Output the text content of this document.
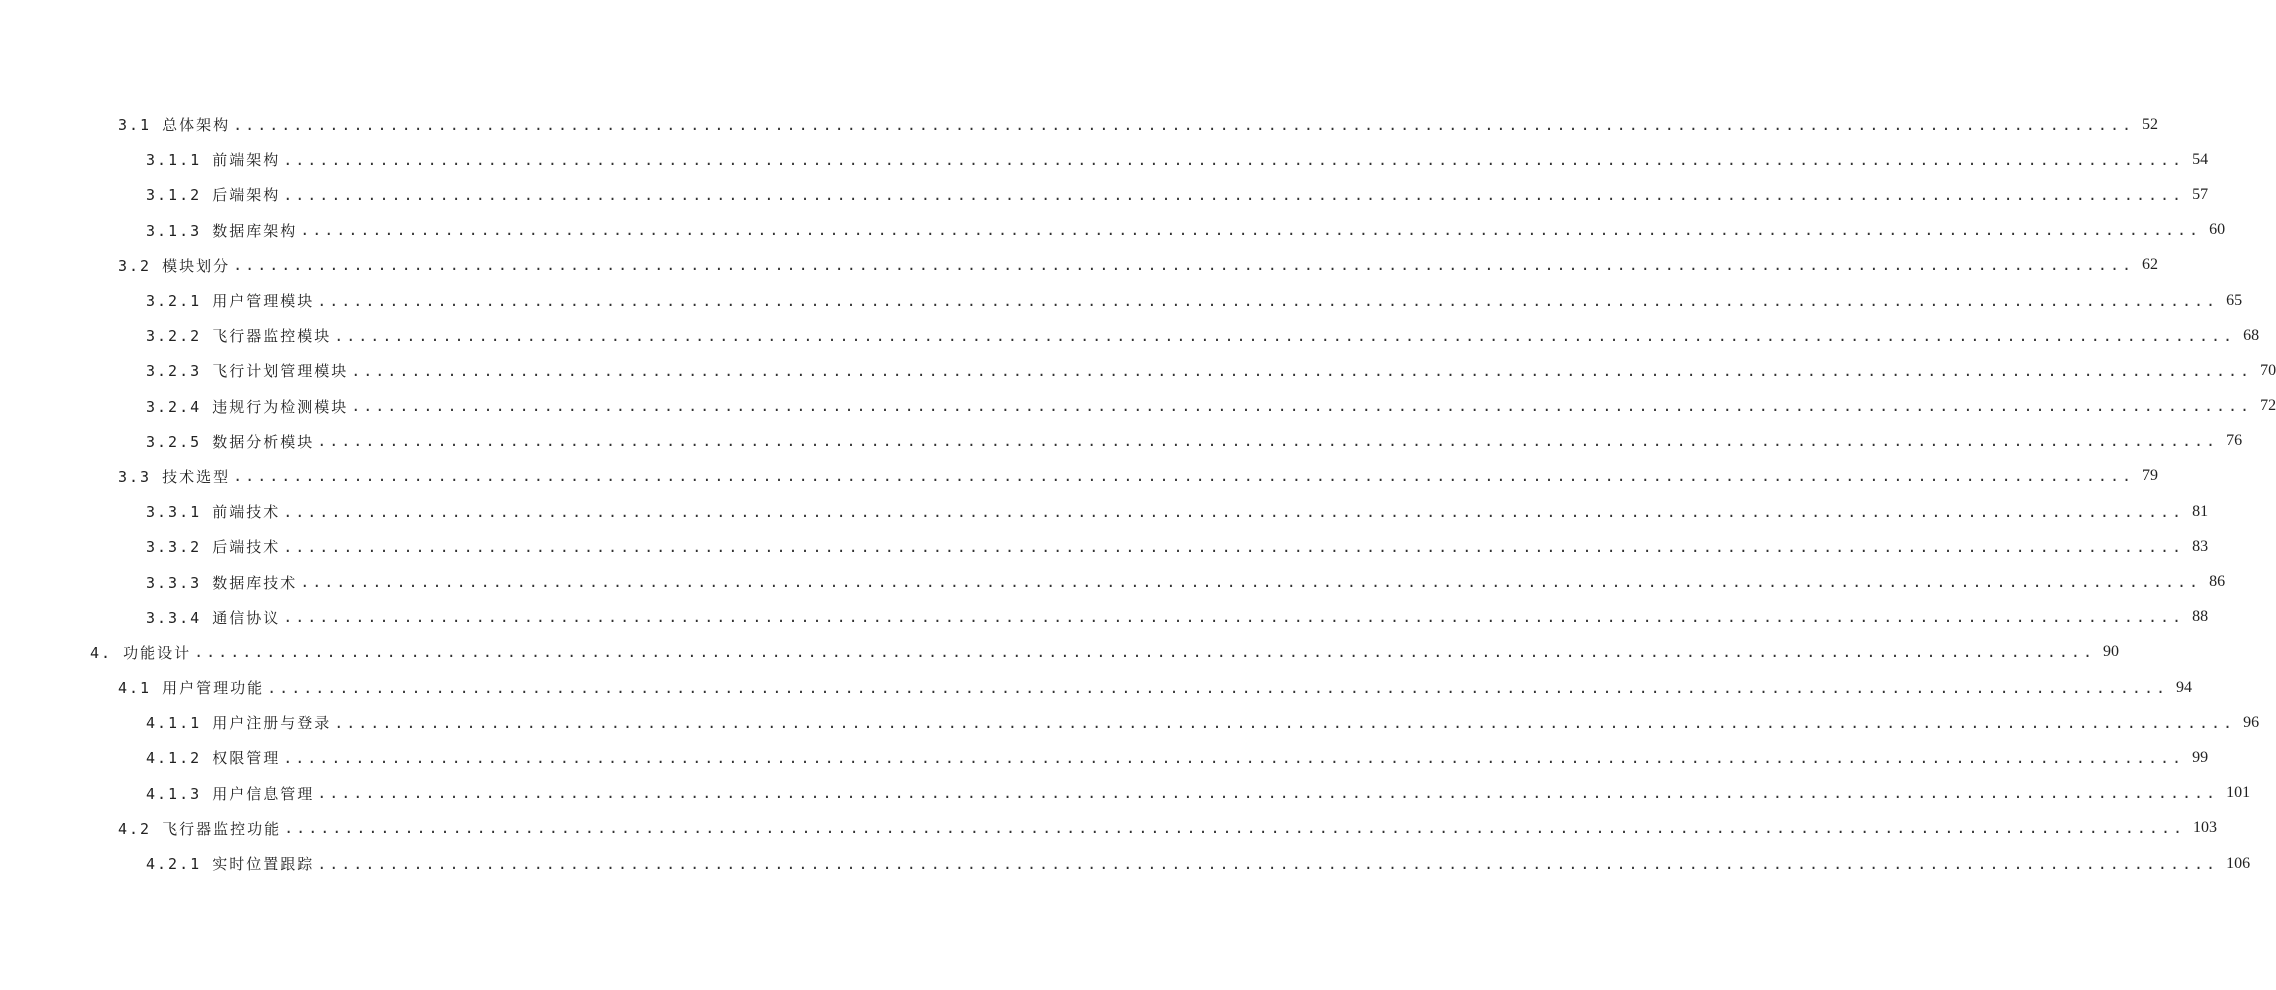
3.1 总体架构 .....	52
3.1.1 前端架构 .....	54
3.1.2 后端架构 .....	57
3.1.3 数据库架构 .....	60
3.2 模块划分 .....	62
3.2.1 用户管理模块 .....	65
3.2.2 飞行器监控模块 .....	68
3.2.3 飞行计划管理模块 .....	70
3.2.4 违规行为检测模块 .....	72
3.2.5 数据分析模块 .....	76
3.3 技术选型 .....	79
3.3.1 前端技术 .....	81
3.3.2 后端技术 .....	83
3.3.3 数据库技术 .....	86
3.3.4 通信协议 .....	88
4. 功能设计 .....	90
4.1 用户管理功能 .....	94
4.1.1 用户注册与登录 .....	96
4.1.2 权限管理 .....	99
4.1.3 用户信息管理 .....	101
4.2 飞行器监控功能 .....	103
4.2.1 实时位置跟踪 .....	106
